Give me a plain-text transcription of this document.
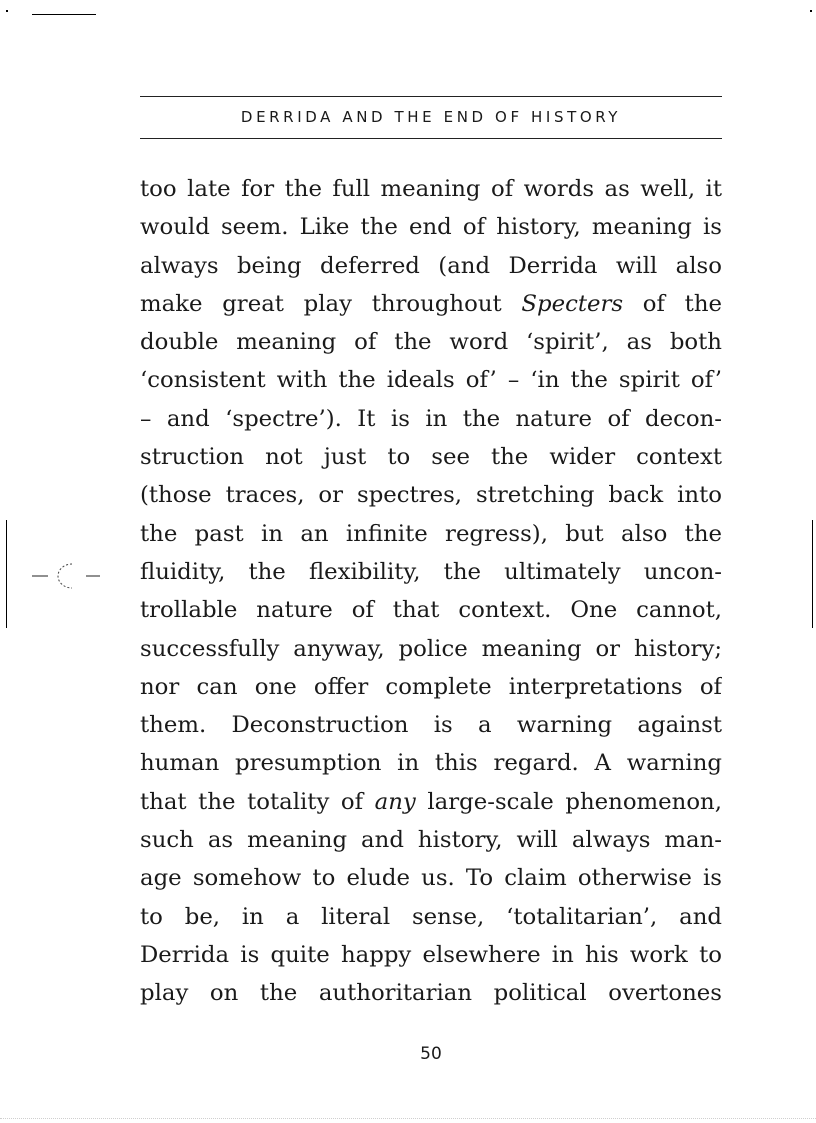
DERRIDA AND THE END OF HISTORY
too late for the full meaning of words as well, it
would seem. Like the end of history, meaning is
always being deferred (and Derrida will also
make great play throughout Specters of the
double meaning of the word ‘spirit’, as both
‘consistent with the ideals of’ – ‘in the spirit of’
– and ‘spectre’). It is in the nature of decon-
struction not just to see the wider context
(those traces, or spectres, stretching back into
the past in an infinite regress), but also the
fluidity, the flexibility, the ultimately uncon-
trollable nature of that context. One cannot,
successfully anyway, police meaning or history;
nor can one offer complete interpretations of
them. Deconstruction is a warning against
human presumption in this regard. A warning
that the totality of any large-scale phenomenon,
such as meaning and history, will always man-
age somehow to elude us. To claim otherwise is
to be, in a literal sense, ‘totalitarian’, and
Derrida is quite happy elsewhere in his work to
play on the authoritarian political overtones
50
